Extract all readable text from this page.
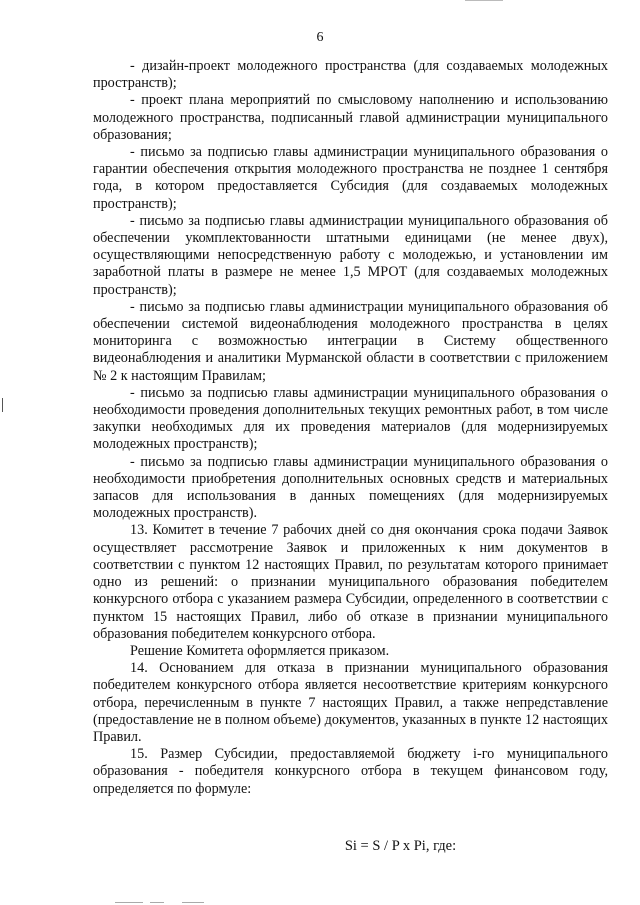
6

- дизайн-проект молодежного пространства (для создаваемых молодежных пространств);

- проект плана мероприятий по смысловому наполнению и использованию молодежного пространства, подписанный главой администрации муниципального образования;

- письмо за подписью главы администрации муниципального образования о гарантии обеспечения открытия молодежного пространства не позднее 1 сентября года, в котором предоставляется Субсидия (для создаваемых молодежных пространств);

- письмо за подписью главы администрации муниципального образования об обеспечении укомплектованности штатными единицами (не менее двух), осуществляющими непосредственную работу с молодежью, и установлении им заработной платы в размере не менее 1,5 МРОТ (для создаваемых молодежных пространств);

- письмо за подписью главы администрации муниципального образования об обеспечении системой видеонаблюдения молодежного пространства в целях мониторинга с возможностью интеграции в Систему общественного видеонаблюдения и аналитики Мурманской области в соответствии с приложением № 2 к настоящим Правилам;

- письмо за подписью главы администрации муниципального образования о необходимости проведения дополнительных текущих ремонтных работ, в том числе закупки необходимых для их проведения материалов (для модернизируемых молодежных пространств);

- письмо за подписью главы администрации муниципального образования о необходимости приобретения дополнительных основных средств и материальных запасов для использования в данных помещениях (для модернизируемых молодежных пространств).

13. Комитет в течение 7 рабочих дней со дня окончания срока подачи Заявок осуществляет рассмотрение Заявок и приложенных к ним документов в соответствии с пунктом 12 настоящих Правил, по результатам которого принимает одно из решений: о признании муниципального образования победителем конкурсного отбора с указанием размера Субсидии, определенного в соответствии с пунктом 15 настоящих Правил, либо об отказе в признании муниципального образования победителем конкурсного отбора.

Решение Комитета оформляется приказом.

14. Основанием для отказа в признании муниципального образования победителем конкурсного отбора является несоответствие критериям конкурсного отбора, перечисленным в пункте 7 настоящих Правил, а также непредставление (предоставление не в полном объеме) документов, указанных в пункте 12 настоящих Правил.

15. Размер Субсидии, предоставляемой бюджету i-го муниципального образования - победителя конкурсного отбора в текущем финансовом году, определяется по формуле:

Si = S / P x Pi, где:
